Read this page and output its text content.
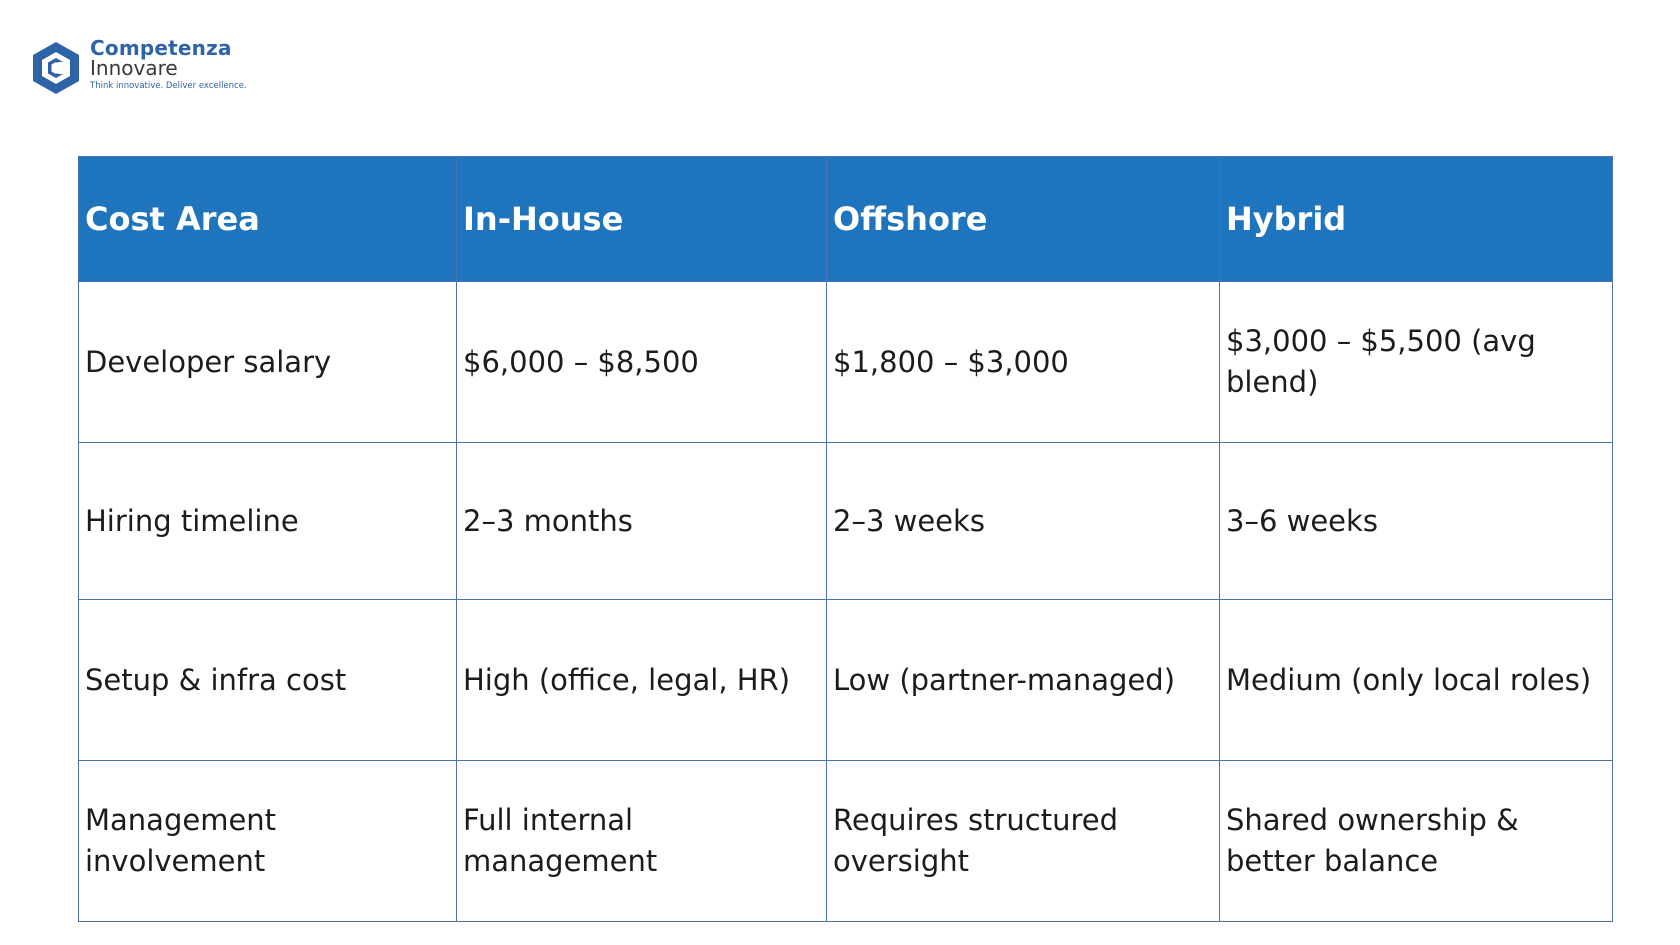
Competenza
Innovare
Think innovative. Deliver excellence.
Cost Area	In-House	Offshore	Hybrid
Developer salary	$6,000 – $8,500	$1,800 – $3,000	$3,000 – $5,500 (avg blend)
Hiring timeline	2–3 months	2–3 weeks	3–6 weeks
Setup & infra cost	High (office, legal, HR)	Low (partner-managed)	Medium (only local roles)
Management involvement	Full internal management	Requires structured oversight	Shared ownership & better balance
